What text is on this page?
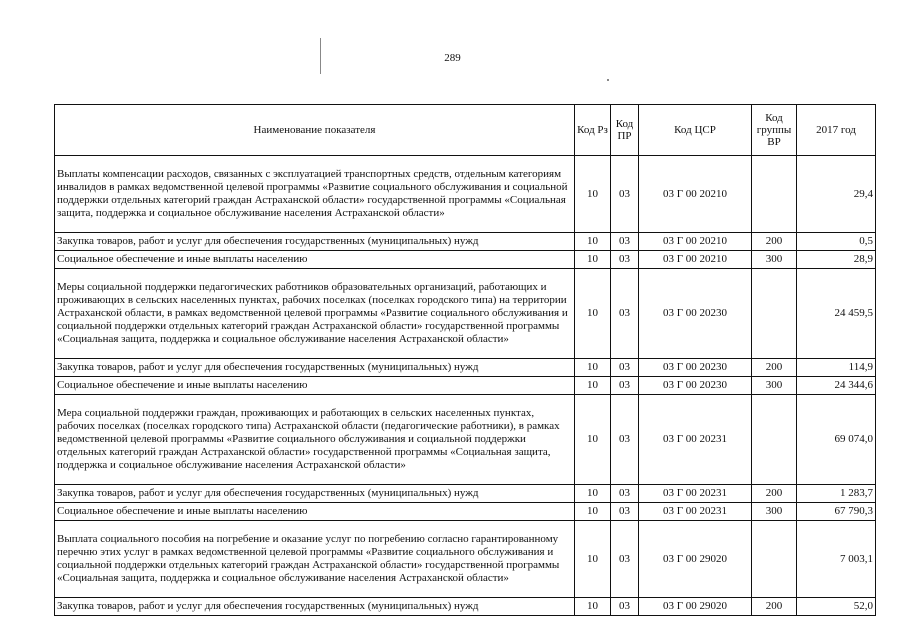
289
Наименование показателя	Код Рз	Код ПР	Код ЦСР	Код группы ВР	2017 год
Выплаты компенсации расходов, связанных с эксплуатацией транспортных средств, отдельным категориям инвалидов в рамках ведомственной целевой программы «Развитие социального обслуживания и социальной поддержки отдельных категорий граждан Астраханской области» государственной программы «Социальная защита, поддержка и социальное обслуживание населения Астраханской области»	10	03	03 Г 00 20210		29,4
Закупка товаров, работ и услуг для обеспечения государственных (муниципальных) нужд	10	03	03 Г 00 20210	200	0,5
Социальное обеспечение и иные выплаты населению	10	03	03 Г 00 20210	300	28,9
Меры социальной поддержки педагогических работников образовательных организаций, работающих и проживающих в сельских населенных пунктах, рабочих поселках (поселках городского типа) на территории Астраханской области, в рамках ведомственной целевой программы «Развитие социального обслуживания и социальной поддержки отдельных категорий граждан Астраханской области» государственной программы «Социальная защита, поддержка и социальное обслуживание населения Астраханской области»	10	03	03 Г 00 20230		24 459,5
Закупка товаров, работ и услуг для обеспечения государственных (муниципальных) нужд	10	03	03 Г 00 20230	200	114,9
Социальное обеспечение и иные выплаты населению	10	03	03 Г 00 20230	300	24 344,6
Мера социальной поддержки граждан, проживающих и работающих в сельских населенных пунктах, рабочих поселках (поселках городского типа) Астраханской области (педагогические работники), в рамках ведомственной целевой программы «Развитие социального обслуживания и социальной поддержки отдельных категорий граждан Астраханской области» государственной программы «Социальная защита, поддержка и социальное обслуживание населения Астраханской области»	10	03	03 Г 00 20231		69 074,0
Закупка товаров, работ и услуг для обеспечения государственных (муниципальных) нужд	10	03	03 Г 00 20231	200	1 283,7
Социальное обеспечение и иные выплаты населению	10	03	03 Г 00 20231	300	67 790,3
Выплата социального пособия на погребение и оказание услуг по погребению согласно гарантированному перечню этих услуг в рамках ведомственной целевой программы «Развитие социального обслуживания и социальной поддержки отдельных категорий граждан Астраханской области» государственной программы «Социальная защита, поддержка и социальное обслуживание населения Астраханской области»	10	03	03 Г 00 29020		7 003,1
Закупка товаров, работ и услуг для обеспечения государственных (муниципальных) нужд	10	03	03 Г 00 29020	200	52,0
